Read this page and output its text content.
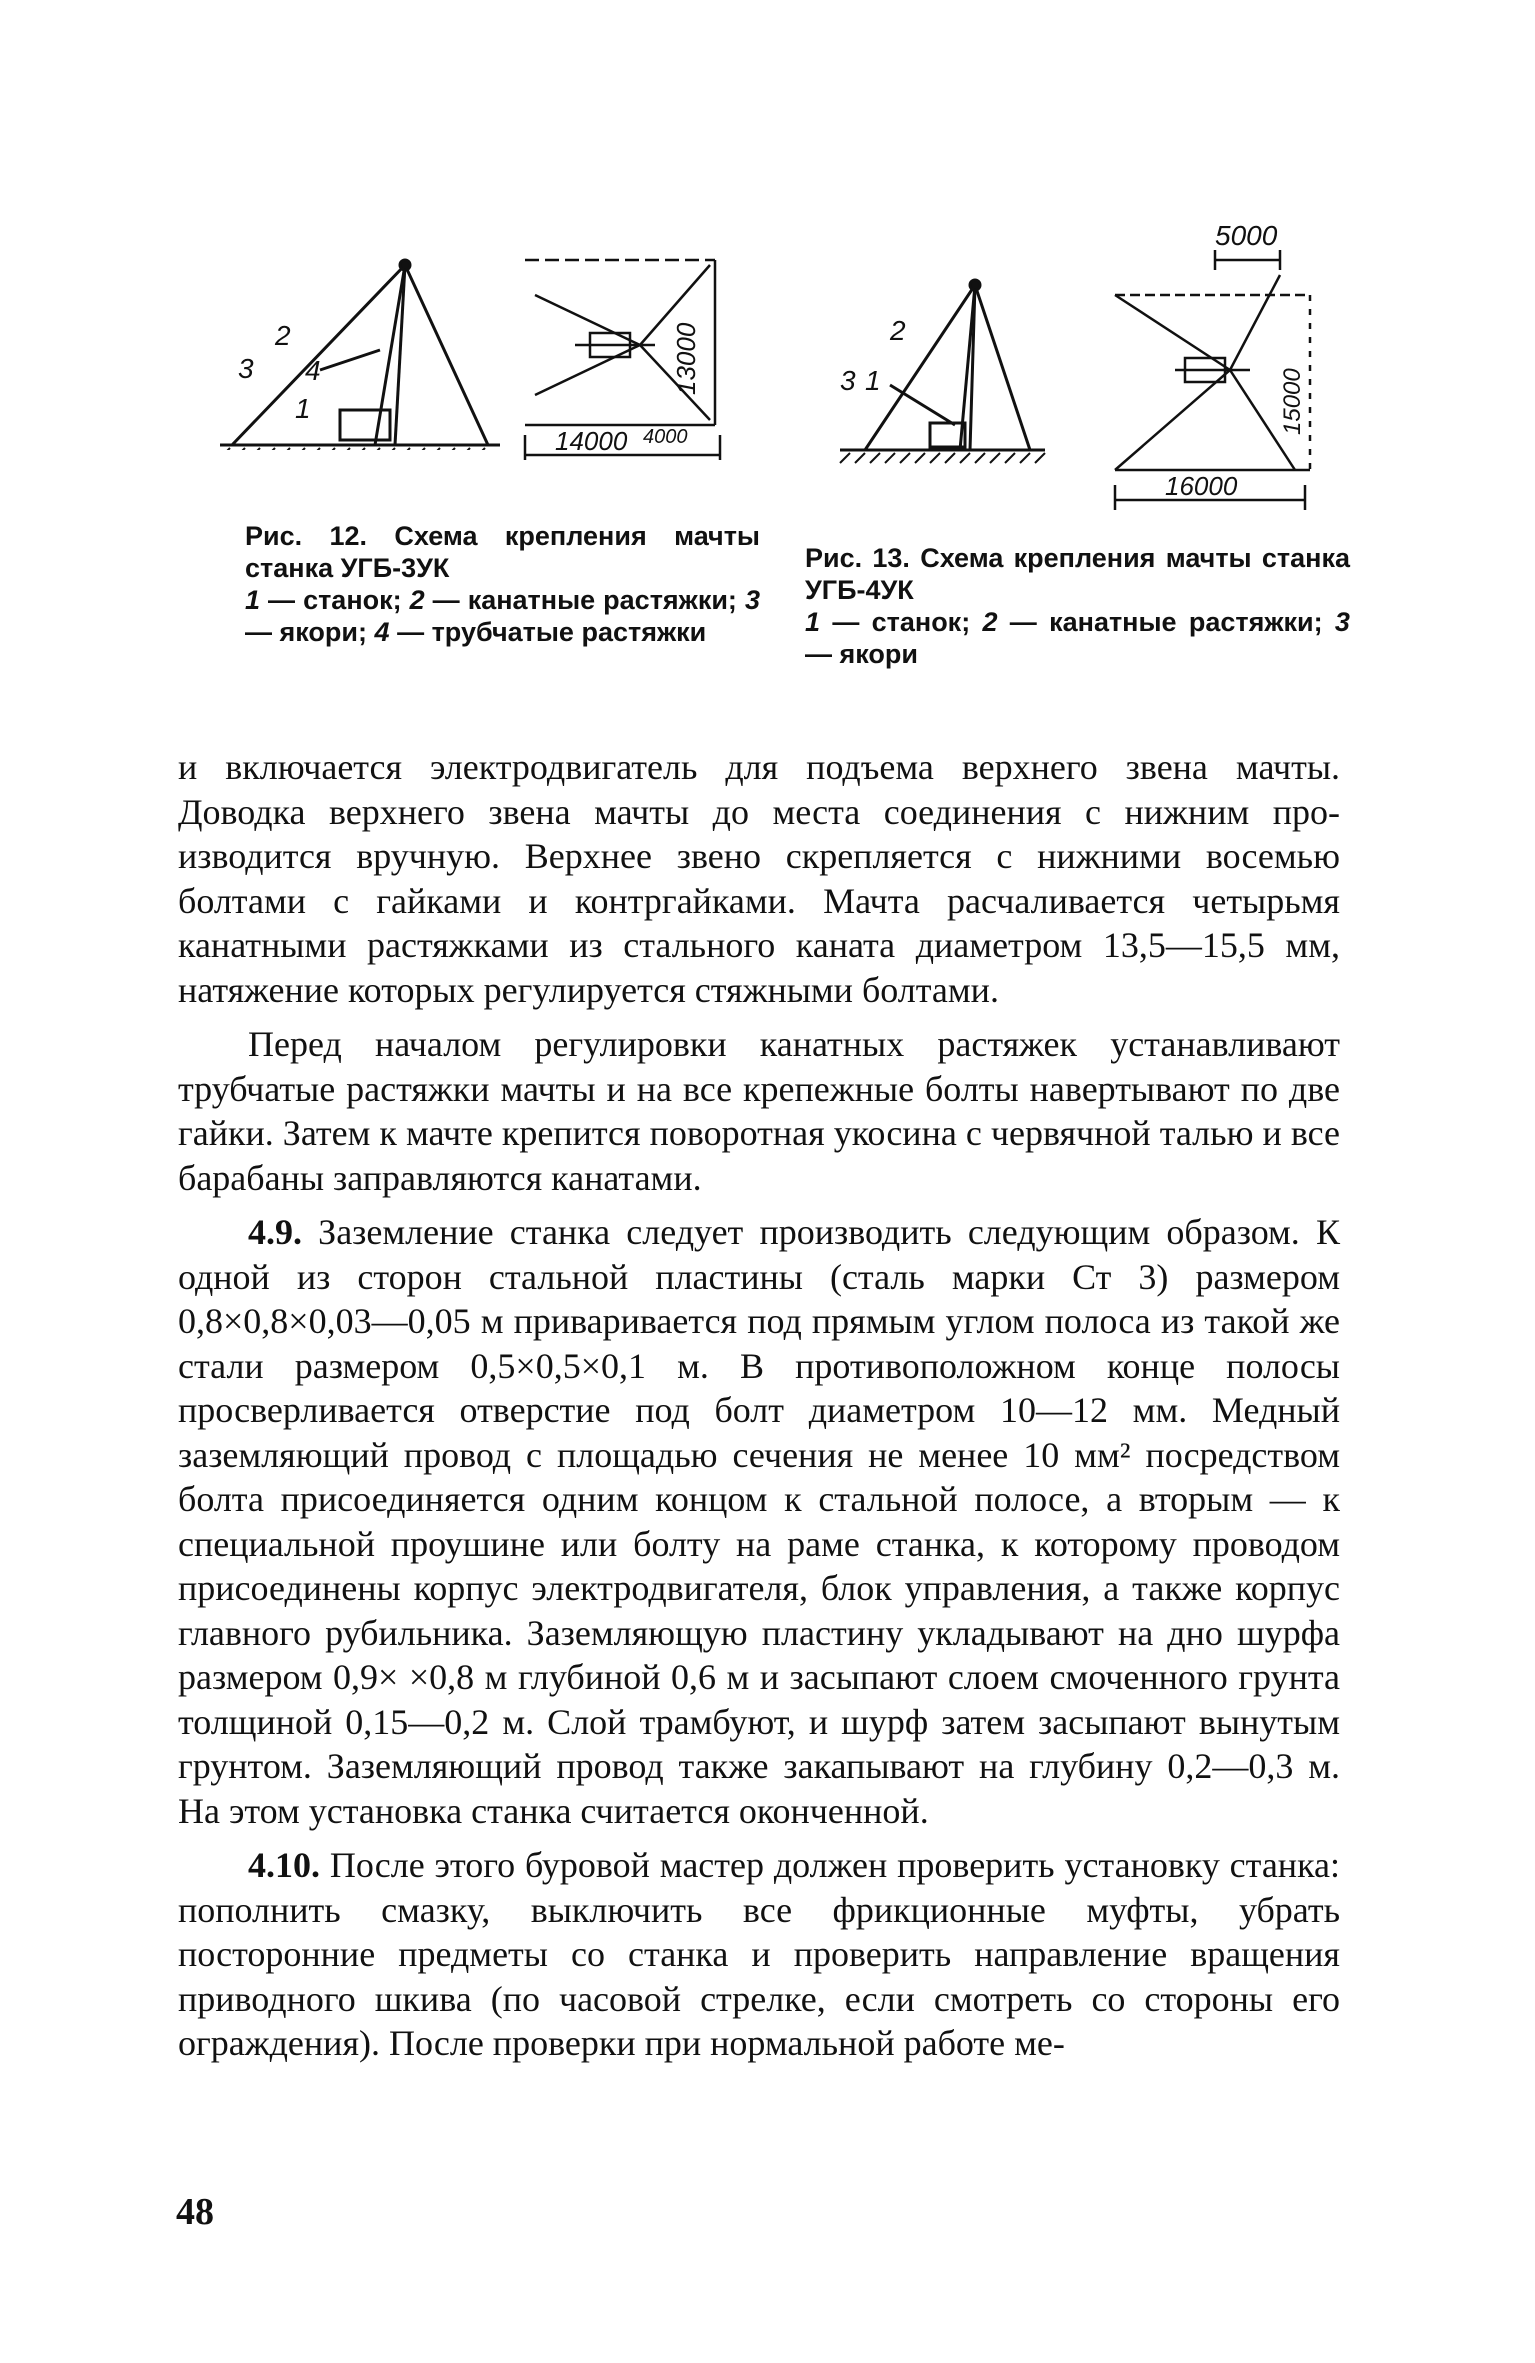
2
3 4
1
13000
14000 4000
2
3 1
5000
15000
16000
Рис. 12. Схема крепления мачты станка УГБ-3УК
1 — станок; 2 — канатные растяжки; 3 — якори; 4 — трубчатые растяжки
Рис. 13. Схема крепления мачты станка УГБ-4УК
1 — станок; 2 — канатные растяжки; 3 — якори

и включается электродвигатель для подъема верхнего звена мачты. Доводка верхнего звена мачты до места соединения с нижним производится вручную. Верхнее звено скрепляется с нижними восемью болтами с гайками и контргайками. Мачта расчаливается четырьмя канатными растяжками из стального каната диаметром 13,5—15,5 мм, натяжение которых регулируется стяжными болтами.

Перед началом регулировки канатных растяжек устанавливают трубчатые растяжки мачты и на все крепежные болты навертывают по две гайки. Затем к мачте крепится поворотная укосина с червячной талью и все барабаны заправляются канатами.

4.9. Заземление станка следует производить следующим образом. К одной из сторон стальной пластины (сталь марки Ст 3) размером 0,8×0,8×0,03—0,05 м приваривается под прямым углом полоса из такой же стали размером 0,5×0,5×0,1 м. В противоположном конце полосы просверливается отверстие под болт диаметром 10—12 мм. Медный заземляющий провод с площадью сечения не менее 10 мм² посредством болта присоединяется одним концом к стальной полосе, а вторым — к специальной проушине или болту на раме станка, к которому проводом присоединены корпус электродвигателя, блок управления, а также корпус главного рубильника. Заземляющую пластину укладывают на дно шурфа размером 0,9× ×0,8 м глубиной 0,6 м и засыпают слоем смоченного грунта толщиной 0,15—0,2 м. Слой трамбуют, и шурф затем засыпают вынутым грунтом. Заземляющий провод также закапывают на глубину 0,2—0,3 м. На этом установка станка считается оконченной.

4.10. После этого буровой мастер должен проверить установку станка: пополнить смазку, выключить все фрикционные муфты, убрать посторонние предметы со станка и проверить направление вращения приводного шкива (по часовой стрелке, если смотреть со стороны его ограждения). После проверки при нормальной работе ме-

48
